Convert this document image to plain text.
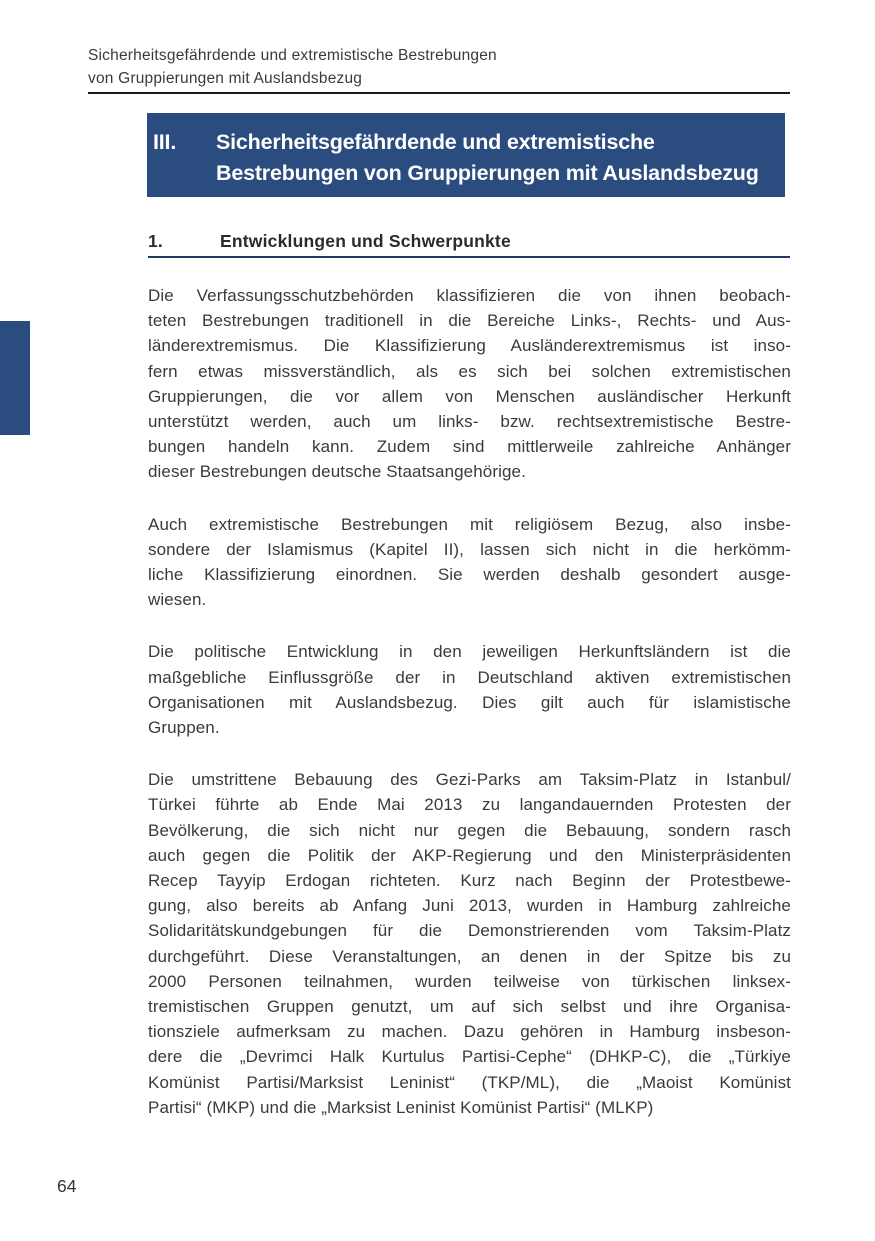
Sicherheitsgefährdende und extremistische Bestrebungen
von Gruppierungen mit Auslandsbezug
III.	Sicherheitsgefährdende und extremistische
Bestrebungen von Gruppierungen mit Auslandsbezug
1.	Entwicklungen und Schwerpunkte

Die Verfassungsschutzbehörden klassifizieren die von ihnen beobach-
teten Bestrebungen traditionell in die Bereiche Links-, Rechts- und Aus-
länderextremismus. Die Klassifizierung Ausländerextremismus ist inso-
fern etwas missverständlich, als es sich bei solchen extremistischen
Gruppierungen, die vor allem von Menschen ausländischer Herkunft
unterstützt werden, auch um links- bzw. rechtsextremistische Bestre-
bungen handeln kann. Zudem sind mittlerweile zahlreiche Anhänger
dieser Bestrebungen deutsche Staatsangehörige.

Auch extremistische Bestrebungen mit religiösem Bezug, also insbe-
sondere der Islamismus (Kapitel II), lassen sich nicht in die herkömm-
liche Klassifizierung einordnen. Sie werden deshalb gesondert ausge-
wiesen.

Die politische Entwicklung in den jeweiligen Herkunftsländern ist die
maßgebliche Einflussgröße der in Deutschland aktiven extremistischen
Organisationen mit Auslandsbezug. Dies gilt auch für islamistische
Gruppen.

Die umstrittene Bebauung des Gezi-Parks am Taksim-Platz in Istanbul/
Türkei führte ab Ende Mai 2013 zu langandauernden Protesten der
Bevölkerung, die sich nicht nur gegen die Bebauung, sondern rasch
auch gegen die Politik der AKP-Regierung und den Ministerpräsidenten
Recep Tayyip Erdogan richteten. Kurz nach Beginn der Protestbewe-
gung, also bereits ab Anfang Juni 2013, wurden in Hamburg zahlreiche
Solidaritätskundgebungen für die Demonstrierenden vom Taksim-Platz
durchgeführt. Diese Veranstaltungen, an denen in der Spitze bis zu
2000 Personen teilnahmen, wurden teilweise von türkischen linksex-
tremistischen Gruppen genutzt, um auf sich selbst und ihre Organisa-
tionsziele aufmerksam zu machen. Dazu gehören in Hamburg insbeson-
dere die „Devrimci Halk Kurtulus Partisi-Cephe“ (DHKP-C), die „Türkiye
Komünist Partisi/Marksist Leninist“ (TKP/ML), die „Maoist Komünist
Partisi“ (MKP) und die „Marksist Leninist Komünist Partisi“ (MLKP)

64
